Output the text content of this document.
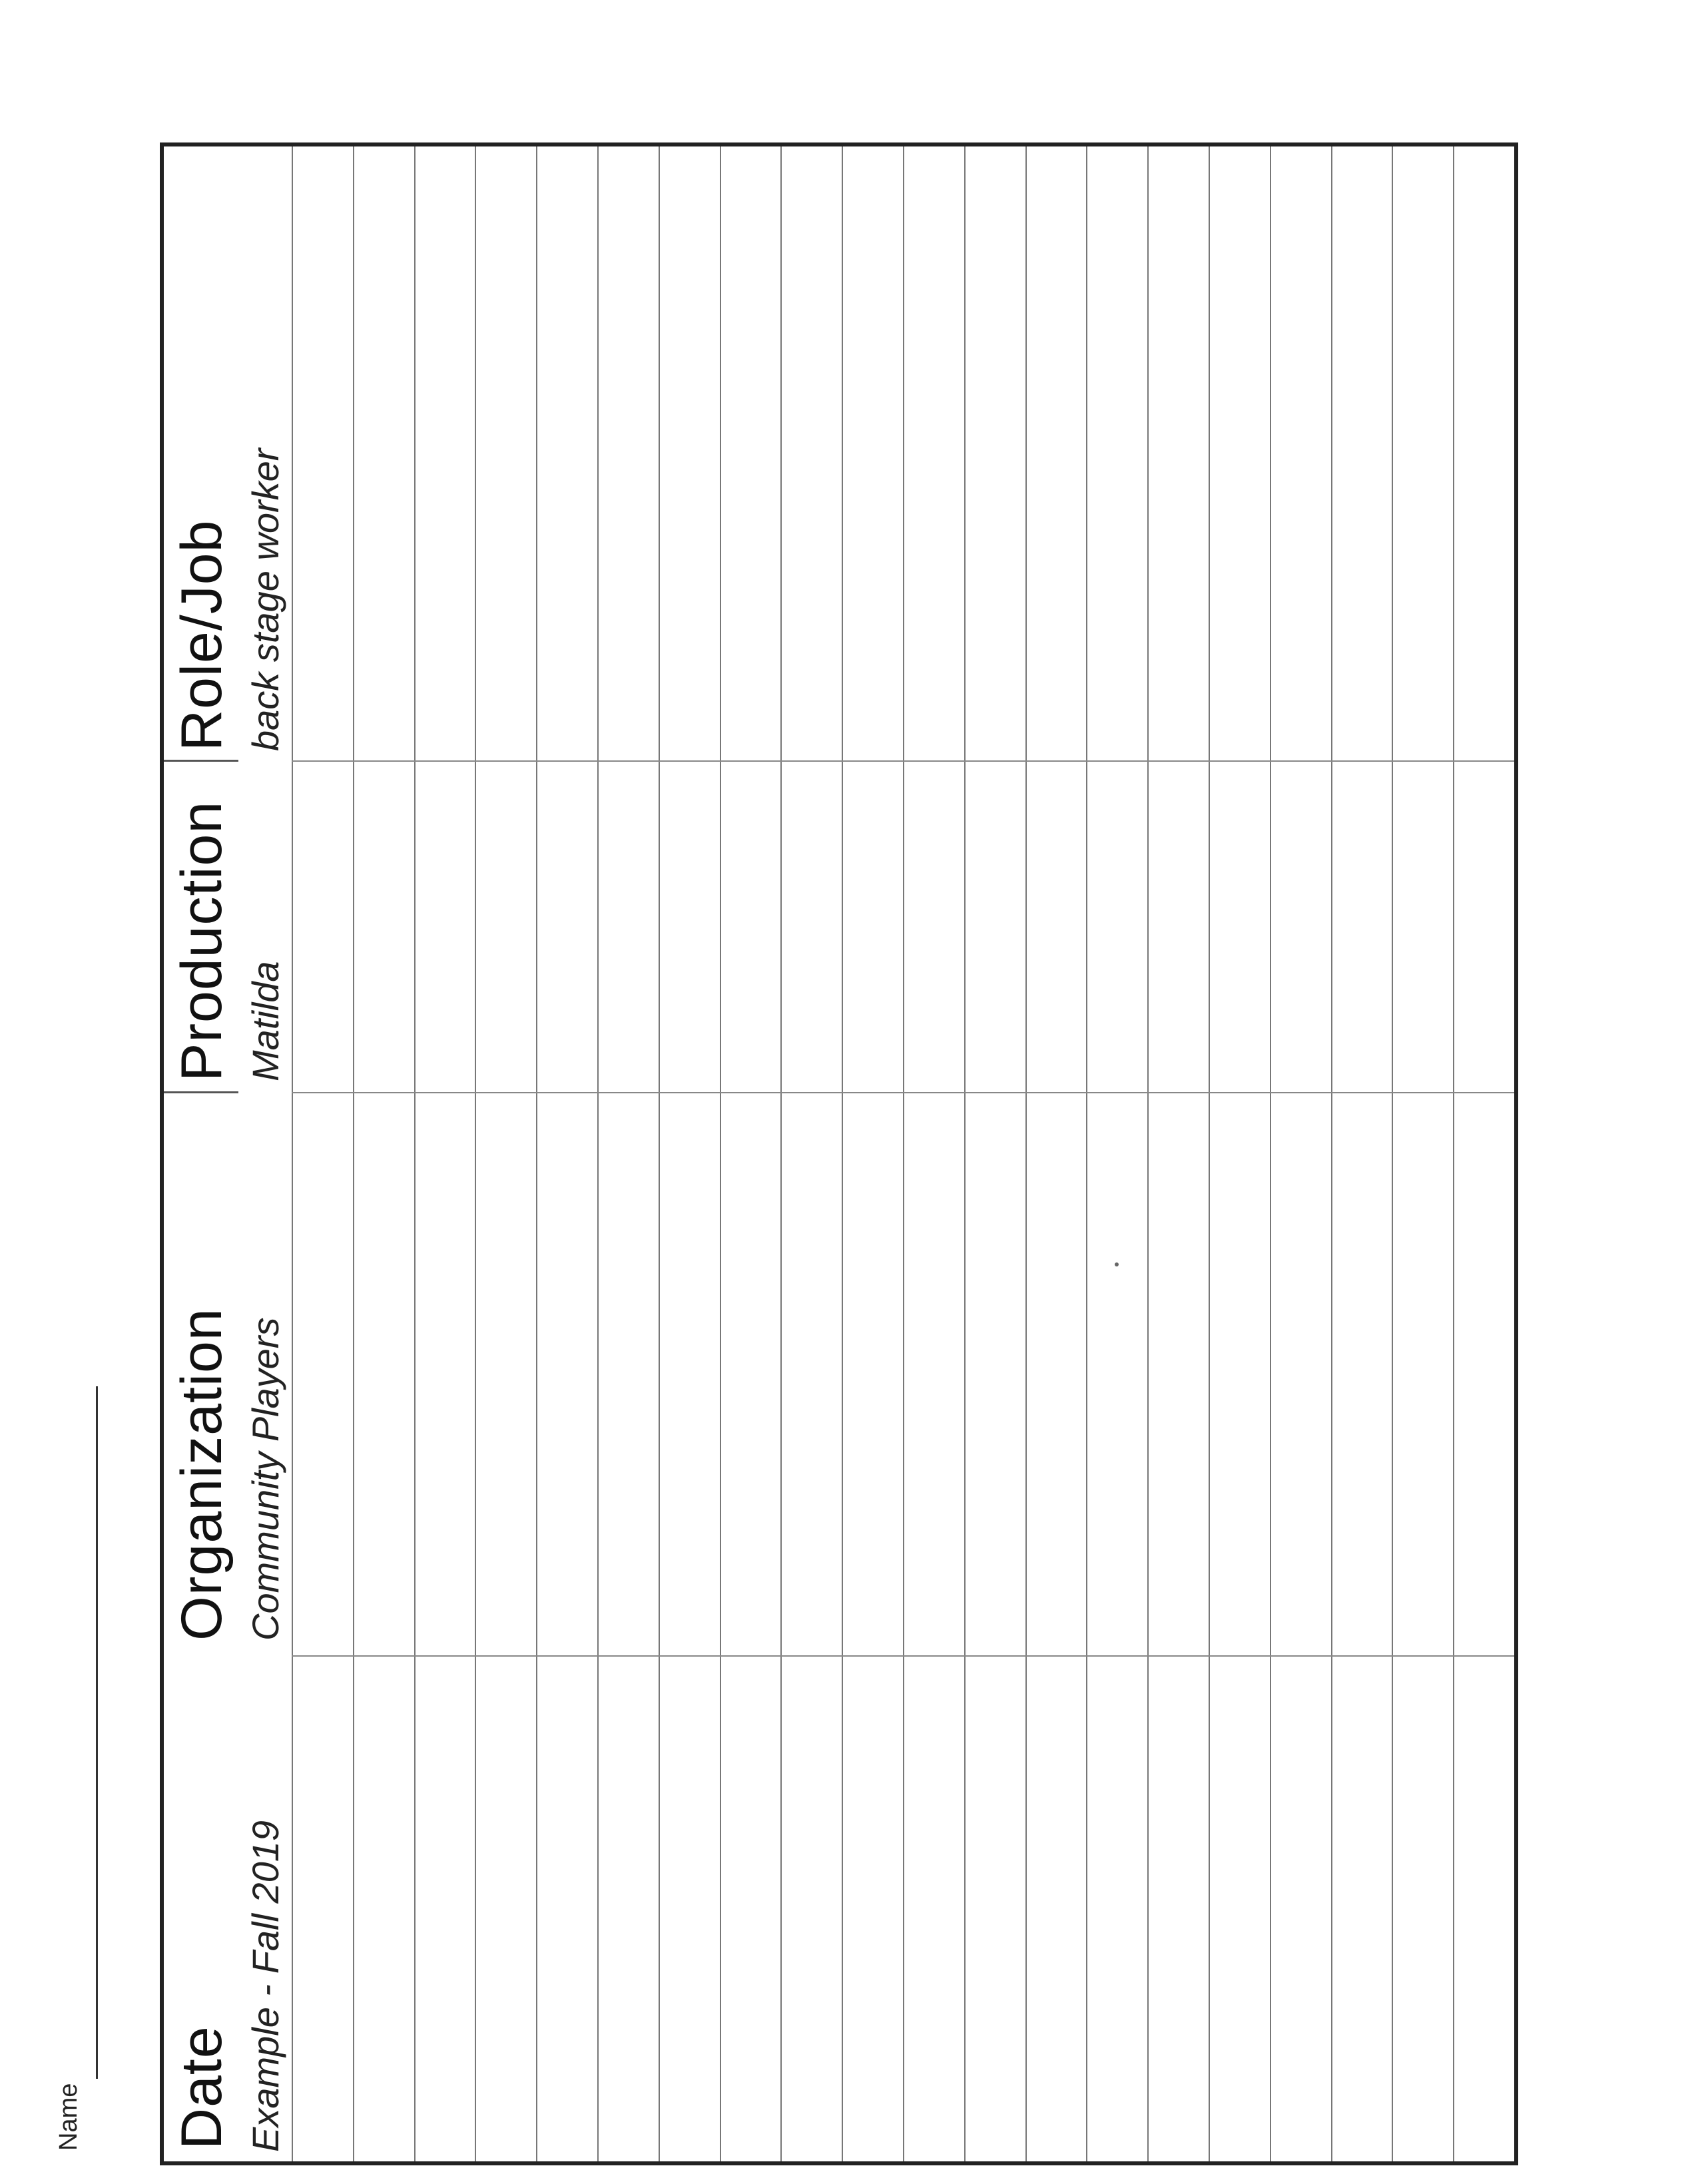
Name Date
Organization
Production
Role/Job
Example - Fall 2019
Community Players
Matilda
back stage worker
